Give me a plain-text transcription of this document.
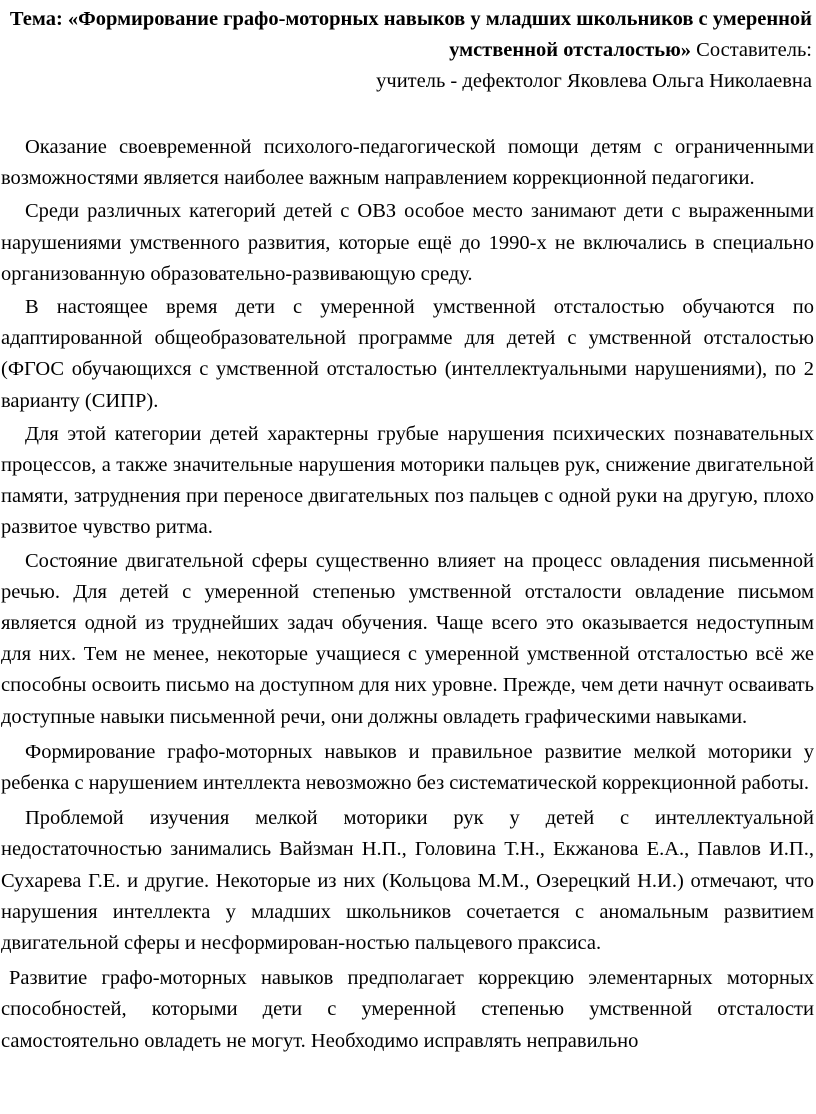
Тема: «Формирование графо-моторных навыков у младших школьников с умеренной умственной отсталостью» Составитель:
учитель - дефектолог Яковлева Ольга Николаевна

Оказание своевременной психолого-педагогической помощи детям с ограниченными возможностями является наиболее важным направлением коррекционной педагогики.

Среди различных категорий детей с ОВЗ особое место занимают дети с выраженными нарушениями умственного развития, которые ещё до 1990-х не включались в специально организованную образовательно-развивающую среду.

В настоящее время дети с умеренной умственной отсталостью обучаются по адаптированной общеобразовательной программе для детей с умственной отсталостью (ФГОС обучающихся с умственной отсталостью (интеллектуальными нарушениями), по 2 варианту (СИПР).

Для этой категории детей характерны грубые нарушения психических познавательных процессов, а также значительные нарушения моторики пальцев рук, снижение двигательной памяти, затруднения при переносе двигательных поз пальцев с одной руки на другую, плохо развитое чувство ритма.

Состояние двигательной сферы существенно влияет на процесс овладения письменной речью. Для детей с умеренной степенью умственной отсталости овладение письмом является одной из труднейших задач обучения. Чаще всего это оказывается недоступным для них. Тем не менее, некоторые учащиеся с умеренной умственной отсталостью всё же способны освоить письмо на доступном для них уровне. Прежде, чем дети начнут осваивать доступные навыки письменной речи, они должны овладеть графическими навыками.

Формирование графо-моторных навыков и правильное развитие мелкой моторики у ребенка с нарушением интеллекта невозможно без систематической коррекционной работы.

Проблемой изучения мелкой моторики рук у детей с интеллектуальной недостаточностью занимались Вайзман Н.П., Головина Т.Н., Екжанова Е.А., Павлов И.П., Сухарева Г.Е. и другие. Некоторые из них (Кольцова М.М., Озерецкий Н.И.) отмечают, что нарушения интеллекта у младших школьников сочетается с аномальным развитием двигательной сферы и несформирован-ностью пальцевого праксиса.

Развитие графо-моторных навыков предполагает коррекцию элементарных моторных способностей, которыми дети с умеренной степенью умственной отсталости самостоятельно овладеть не могут. Необходимо исправлять неправильно
